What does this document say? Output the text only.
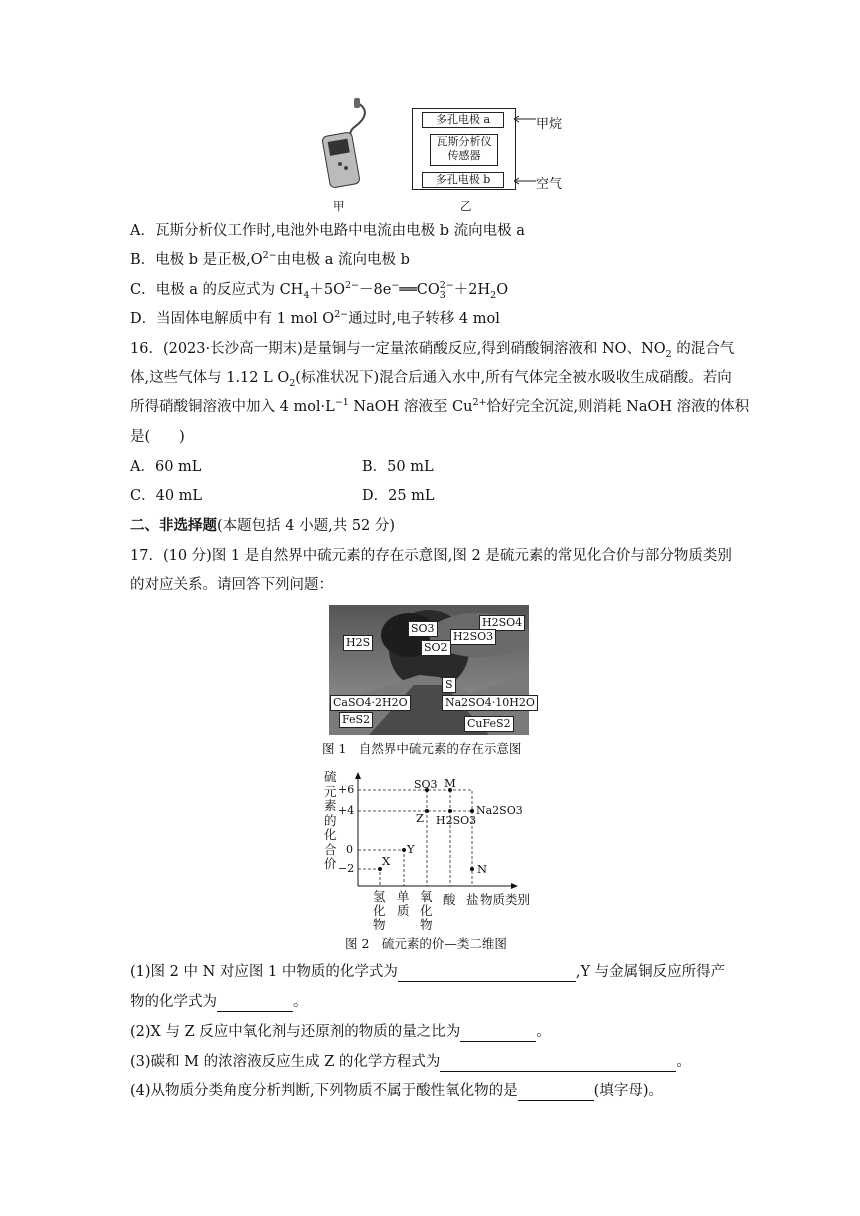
甲
多孔电极 a
瓦斯分析仪
传感器
多孔电极 b
甲烷
空气
乙
A．瓦斯分析仪工作时,电池外电路中电流由电极 b 流向电极 a
B．电极 b 是正极$,O^{2-}$由电极 a 流向电极 b
C．电极 a 的反应式为 $CH_4+5O^{2-}-8e^-══CO_3^{2-}+2H_2O$
D．当固体电解质中有 1 mol $O^{2-}$通过时,电子转移 4 mol
16．(2023·长沙高一期末)是量铜与一定量浓硝酸反应,得到硝酸铜溶液和 NO、$NO_2$ 的混合气
体,这些气体与 1.12 L $O_2$(标准状况下)混合后通入水中,所有气体完全被水吸收生成硝酸。若向
所得硝酸铜溶液中加入 4 $mol\cdot L^{-1}$ NaOH 溶液至 $Cu^{2+}$恰好完全沉淀,则消耗 NaOH 溶液的体积
是(　　)
A．60 mL	B．50 mL
C．40 mL	D．25 mL
二、非选择题(本题包括 4 小题,共 52 分)
17．(10 分)图 1 是自然界中硫元素的存在示意图,图 2 是硫元素的常见化合价与部分物质类别
的对应关系。请回答下列问题：
SO3	H2SO4
H2SO3
H2S	SO2
S
CaSO4·2H2O	Na2SO4·10H2O
FeS2	CuFeS2
图 1　自然界中硫元素的存在示意图
硫
元
素
的
化
合
价
+6
+4
0
−2
SO3 M
Z H2SO3
Na2SO3
Y
X
N
氢化物
单质
氧化物
酸 盐 物质类别
图 2　硫元素的价—类二维图
(1)图 2 中 N 对应图 1 中物质的化学式为	,Y 与金属铜反应所得产
物的化学式为	。
(2)X 与 Z 反应中氧化剂与还原剂的物质的量之比为	。
(3)碳和 M 的浓溶液反应生成 Z 的化学方程式为	。
(4)从物质分类角度分析判断,下列物质不属于酸性氧化物的是	(填字母)。
